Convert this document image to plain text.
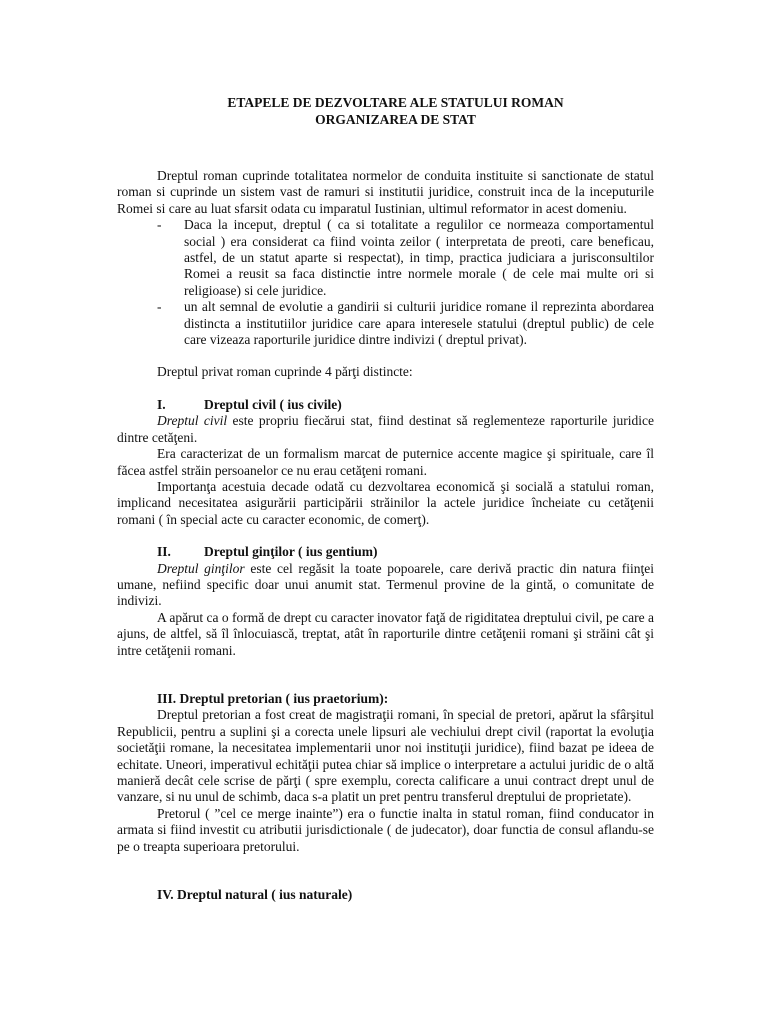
ETAPELE DE DEZVOLTARE ALE STATULUI ROMAN
ORGANIZAREA DE STAT

Dreptul roman cuprinde totalitatea normelor de conduita instituite si sanctionate de statul roman si cuprinde un sistem vast de ramuri si institutii juridice, construit inca de la inceputurile Romei si care au luat sfarsit odata cu imparatul Iustinian, ultimul reformator in acest domeniu.

- Daca la inceput, dreptul ( ca si totalitate a regulilor ce normeaza comportamentul social ) era considerat ca fiind vointa zeilor ( interpretata de preoti, care beneficau, astfel, de un statut aparte si respectat), in timp, practica judiciara a jurisconsultilor Romei a reusit sa faca distinctie intre normele morale ( de cele mai multe ori si religioase) si cele juridice.

- un alt semnal de evolutie a gandirii si culturii juridice romane il reprezinta abordarea distincta a institutiilor juridice care apara interesele statului (dreptul public) de cele care vizeaza raporturile juridice dintre indivizi ( dreptul privat).

Dreptul privat roman cuprinde 4 părţi distincte:

I.	Dreptul civil ( ius civile)

Dreptul civil este propriu fiecărui stat, fiind destinat să reglementeze raporturile juridice dintre cetăţeni.

Era caracterizat de un formalism marcat de puternice accente magice şi spirituale, care îl făcea astfel străin persoanelor ce nu erau cetăţeni romani.

Importanţa acestuia decade odată cu dezvoltarea economică şi socială a statului roman, implicand necesitatea asigurării participării străinilor la actele juridice încheiate cu cetăţenii romani ( în special acte cu caracter economic, de comerţ).

II. Dreptul ginţilor ( ius gentium)

Dreptul ginţilor este cel regăsit la toate popoarele, care derivă practic din natura fiinţei umane, nefiind specific doar unui anumit stat. Termenul provine de la gintă, o comunitate de indivizi.

A apărut ca o formă de drept cu caracter inovator faţă de rigiditatea dreptului civil, pe care a ajuns, de altfel, să îl înlocuiască, treptat, atât în raporturile dintre cetăţenii romani şi străini cât şi intre cetăţenii romani.

III. Dreptul pretorian ( ius praetorium):

Dreptul pretorian a fost creat de magistraţii romani, în special de pretori, apărut la sfârşitul Republicii, pentru a suplini şi a corecta unele lipsuri ale vechiului drept civil (raportat la evoluţia societăţii romane, la necesitatea implementarii unor noi instituţii juridice), fiind bazat pe ideea de echitate. Uneori, imperativul echităţii putea chiar să implice o interpretare a actului juridic de o altă manieră decât cele scrise de părţi ( spre exemplu, corecta calificare a unui contract drept unul de vanzare, si nu unul de schimb, daca s-a platit un pret pentru transferul dreptului de proprietate).

Pretorul ( ”cel ce merge inainte”) era o functie inalta in statul roman, fiind conducator in armata si fiind investit cu atributii jurisdictionale ( de judecator), doar functia de consul aflandu-se pe o treapta superioara pretorului.

IV. Dreptul natural ( ius naturale)
